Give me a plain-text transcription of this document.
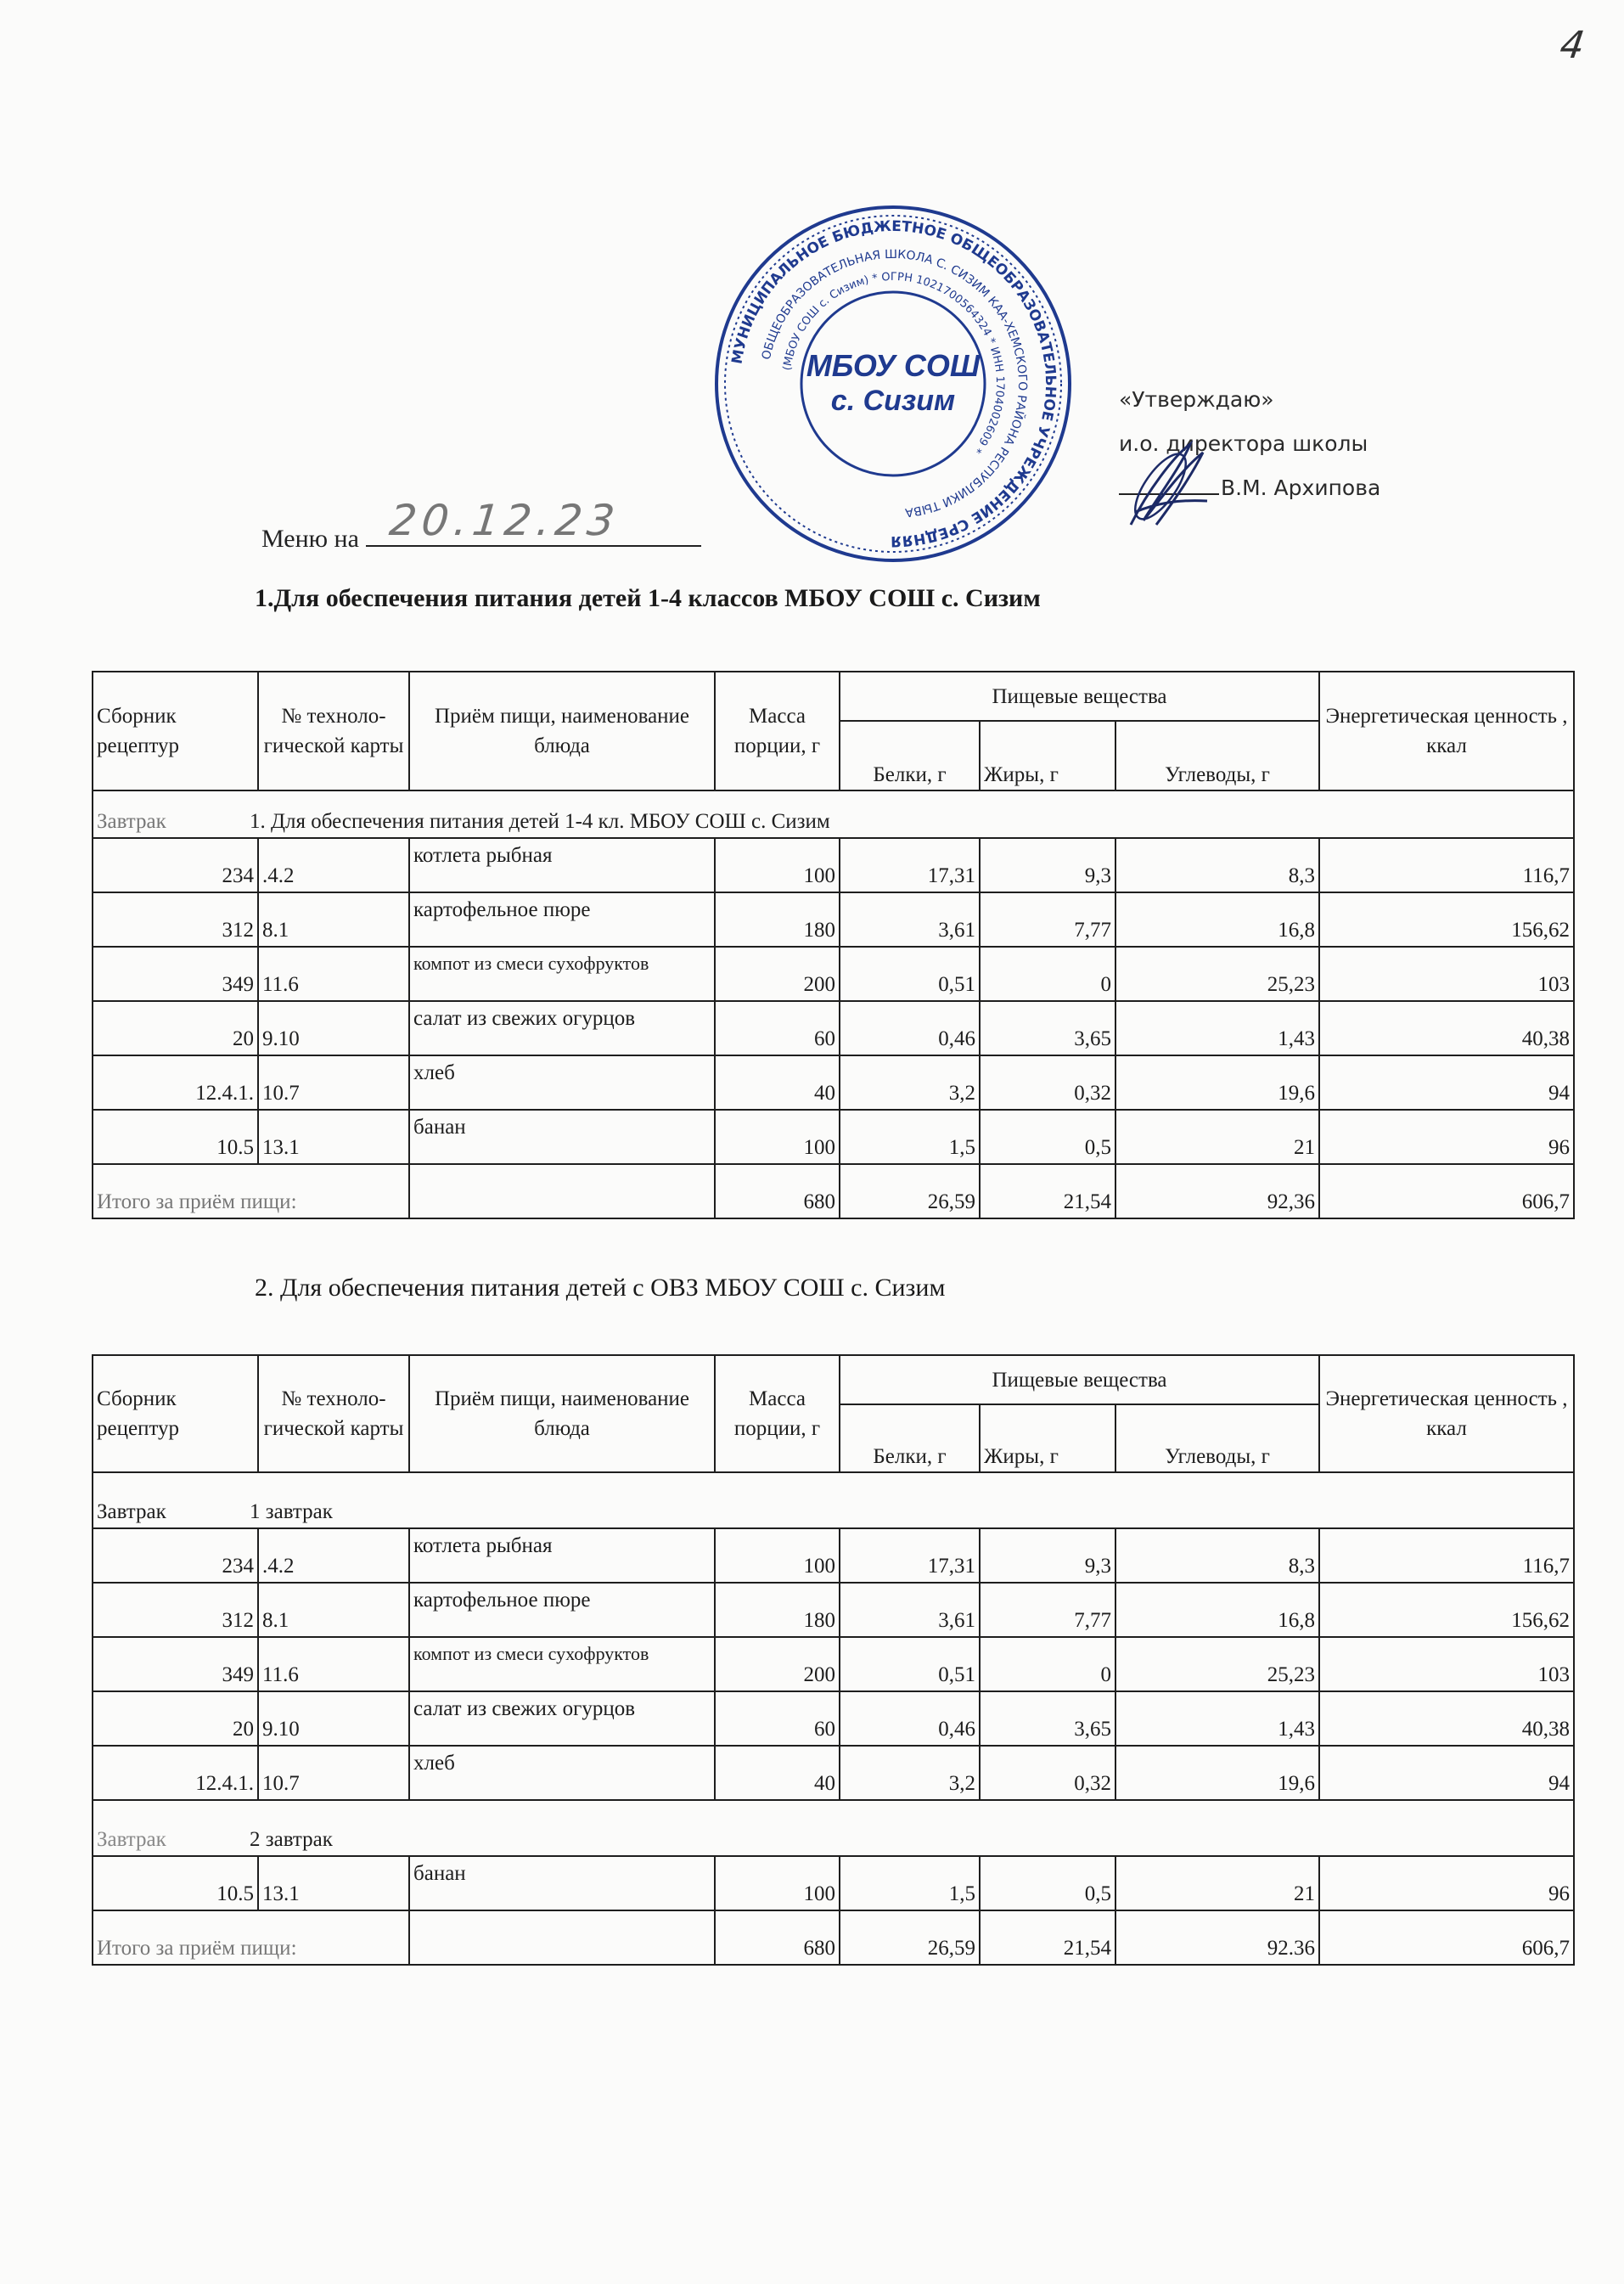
4
МУНИЦИПАЛЬНОЕ БЮДЖЕТНОЕ ОБЩЕОБРАЗОВАТЕЛЬНОЕ УЧРЕЖДЕНИЕ СРЕДНЯЯ
ОБЩЕОБРАЗОВАТЕЛЬНАЯ ШКОЛА С. СИЗИМ КАА-ХЕМСКОГО РАЙОНА РЕСПУБЛИКИ ТЫВА
(МБОУ СОШ с. Сизим) * ОГРН 1021700564324 * ИНН 1704002609 *
МБОУ СОШ
с. Сизим	«Утверждаю»
и.о. директора школы
В.М. Архипова
Меню на 20.12.23
1.Для обеспечения питания детей 1-4 классов МБОУ СОШ с. Сизим
Сборник рецептур	№ техноло-гической карты	Приём пищи, наименование блюда	Масса порции, г	Пищевые вещества			Энергетическая ценность , ккал
				Белки, г	Жиры, г	Углеводы, г	
Завтрак 1. Для обеспечения питания детей 1-4 кл. МБОУ СОШ с. Сизим							
234	.4.2	котлета рыбная	100	17,31	9,3	8,3	116,7
312	8.1	картофельное пюре	180	3,61	7,77	16,8	156,62
349	11.6	компот из смеси сухофруктов	200	0,51	0	25,23	103
20	9.10	салат из свежих огурцов	60	0,46	3,65	1,43	40,38
12.4.1.	10.7	хлеб	40	3,2	0,32	19,6	94
10.5	13.1	банан	100	1,5	0,5	21	96
Итого за приём пищи:			680	26,59	21,54	92,36	606,7
2. Для обеспечения питания детей с ОВЗ МБОУ СОШ с. Сизим
Сборник рецептур	№ техноло-гической карты	Приём пищи, наименование блюда	Масса порции, г	Пищевые вещества			Энергетическая ценность , ккал
				Белки, г	Жиры, г	Углеводы, г	
Завтрак 1 завтрак							
234	.4.2	котлета рыбная	100	17,31	9,3	8,3	116,7
312	8.1	картофельное пюре	180	3,61	7,77	16,8	156,62
349	11.6	компот из смеси сухофруктов	200	0,51	0	25,23	103
20	9.10	салат из свежих огурцов	60	0,46	3,65	1,43	40,38
12.4.1.	10.7	хлеб	40	3,2	0,32	19,6	94
Завтрак 2 завтрак							
10.5	13.1	банан	100	1,5	0,5	21	96
Итого за приём пищи:			680	26,59	21,54	92.36	606,7
